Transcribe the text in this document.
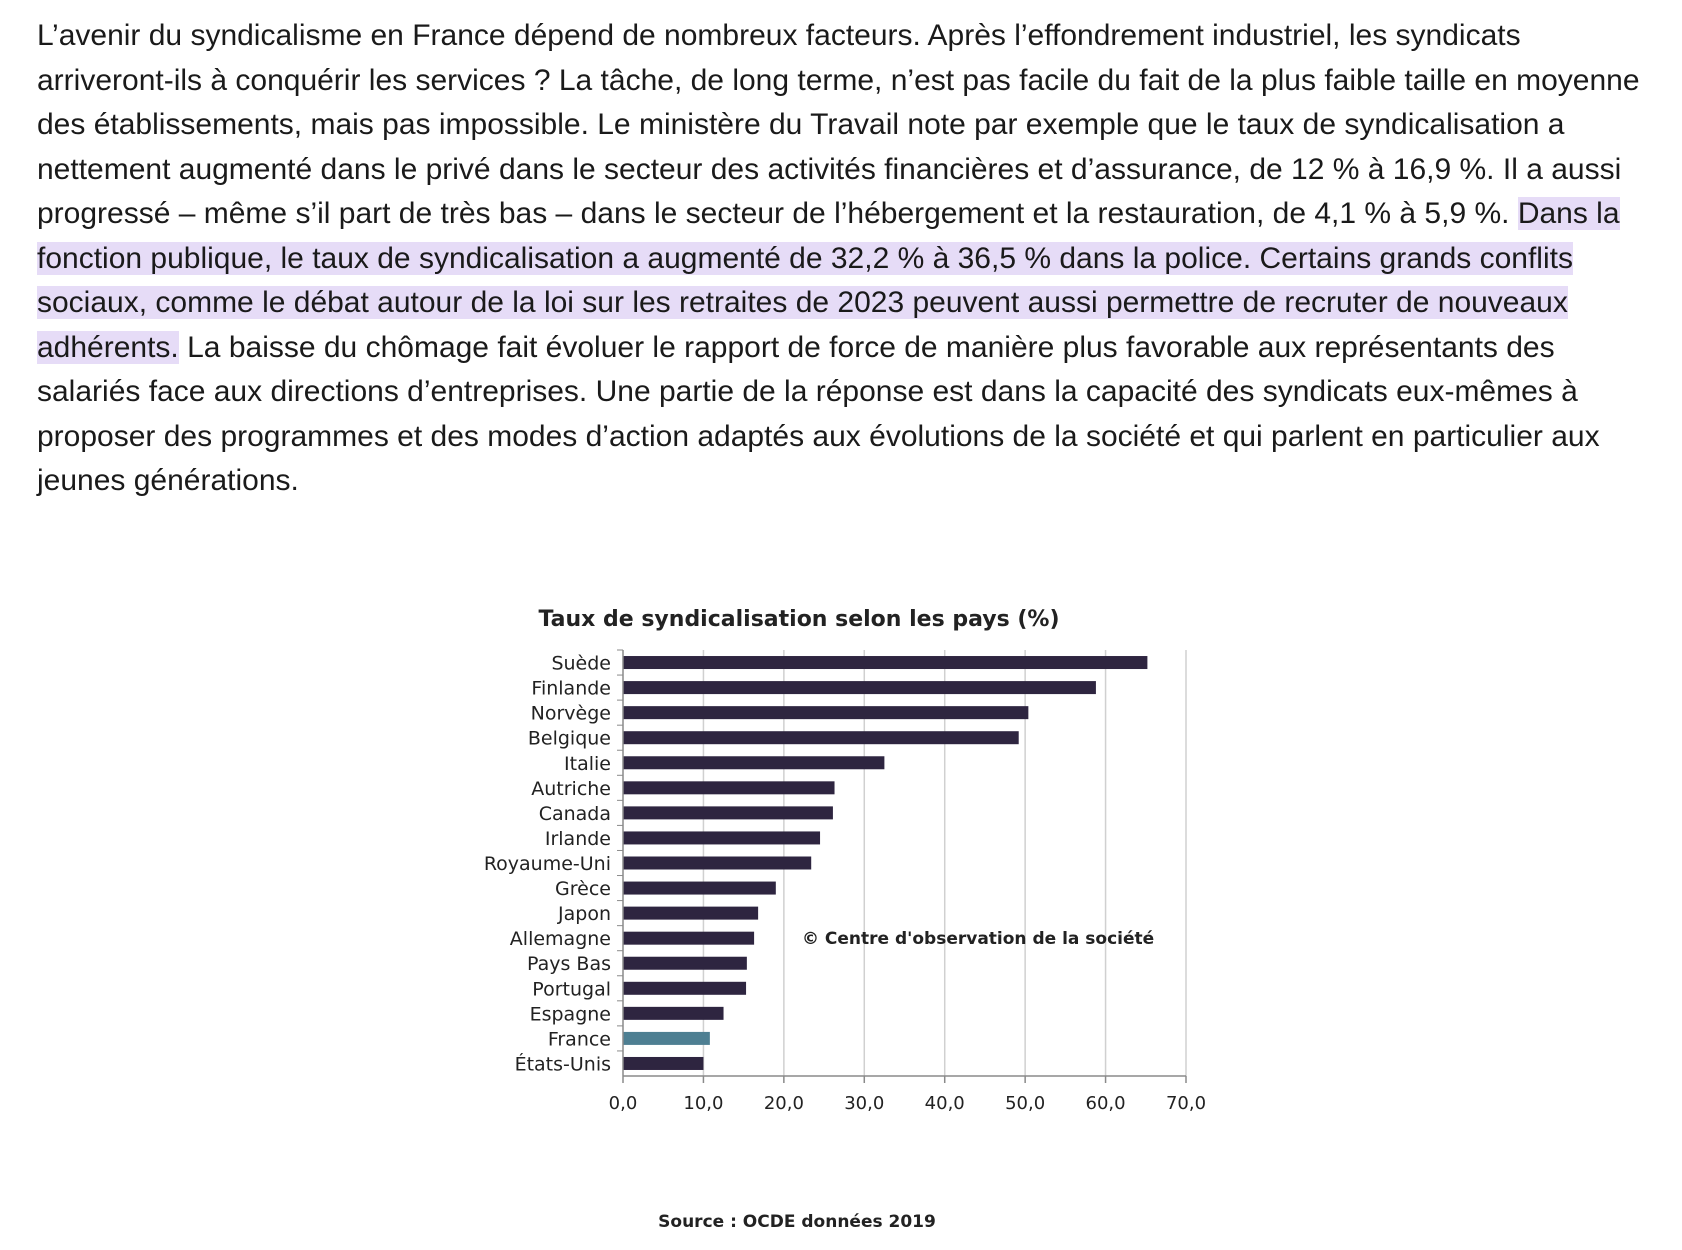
L’avenir du syndicalisme en France dépend de nombreux facteurs. Après l’effondrement industriel, les syndicats arriveront-ils à conquérir les services ? La tâche, de long terme, n’est pas facile du fait de la plus faible taille en moyenne des établissements, mais pas impossible. Le ministère du Travail note par exemple que le taux de syndicalisation a nettement augmenté dans le privé dans le secteur des activités financières et d’assurance, de 12 % à 16,9 %. Il a aussi progressé – même s’il part de très bas – dans le secteur de l’hébergement et la restauration, de 4,1 % à 5,9 %. Dans la fonction publique, le taux de syndicalisation a augmenté de 32,2 % à 36,5 % dans la police. Certains grands conflits sociaux, comme le débat autour de la loi sur les retraites de 2023 peuvent aussi permettre de recruter de nouveaux adhérents. La baisse du chômage fait évoluer le rapport de force de manière plus favorable aux représentants des salariés face aux directions d’entreprises. Une partie de la réponse est dans la capacité des syndicats eux-mêmes à proposer des programmes et des modes d’action adaptés aux évolutions de la société et qui parlent en particulier aux jeunes générations.

Taux de syndicalisation selon les pays (%)
Suède
Finlande
Norvège
Belgique
Italie
Autriche
Canada
Irlande
Royaume-Uni
Grèce
Japon
Allemagne
Pays Bas
Portugal
Espagne
France
États-Unis
0,0	10,0 20,0 30,0 40,0 50,0 60,0 70,0
© Centre d'observation de la société
Source : OCDE données 2019
